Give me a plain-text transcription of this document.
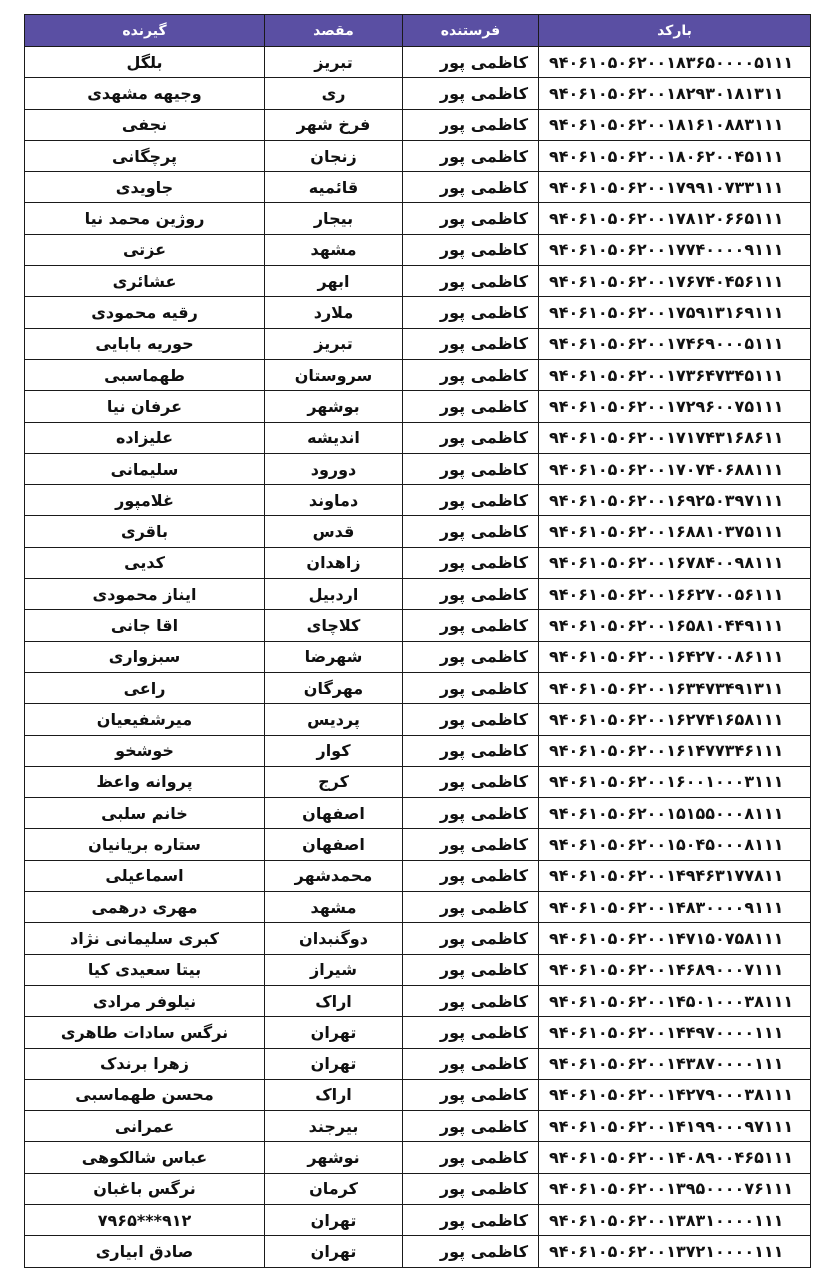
بارکد	فرستنده	مقصد	گیرنده
۹۴۰۶۱۰۵۰۶۲۰۰۱۸۳۶۵۰۰۰۰۵۱۱۱	کاظمی پور	تبریز	بلگل
۹۴۰۶۱۰۵۰۶۲۰۰۱۸۲۹۳۰۱۸۱۳۱۱	کاظمی پور	ری	وجیهه مشهدی
۹۴۰۶۱۰۵۰۶۲۰۰۱۸۱۶۱۰۸۸۳۱۱۱	کاظمی پور	فرخ شهر	نجفی
۹۴۰۶۱۰۵۰۶۲۰۰۱۸۰۶۲۰۰۴۵۱۱۱	کاظمی پور	زنجان	پرچگانی
۹۴۰۶۱۰۵۰۶۲۰۰۱۷۹۹۱۰۷۳۳۱۱۱	کاظمی پور	قائمیه	جاویدی
۹۴۰۶۱۰۵۰۶۲۰۰۱۷۸۱۲۰۶۶۵۱۱۱	کاظمی پور	بیجار	روژین محمد نیا
۹۴۰۶۱۰۵۰۶۲۰۰۱۷۷۴۰۰۰۰۹۱۱۱	کاظمی پور	مشهد	عزتی
۹۴۰۶۱۰۵۰۶۲۰۰۱۷۶۷۴۰۴۵۶۱۱۱	کاظمی پور	ابهر	عشائری
۹۴۰۶۱۰۵۰۶۲۰۰۱۷۵۹۱۳۱۶۹۱۱۱	کاظمی پور	ملارد	رقیه محمودی
۹۴۰۶۱۰۵۰۶۲۰۰۱۷۴۶۹۰۰۰۵۱۱۱	کاظمی پور	تبریز	حوریه بابایی
۹۴۰۶۱۰۵۰۶۲۰۰۱۷۳۶۴۷۳۴۵۱۱۱	کاظمی پور	سروستان	طهماسبی
۹۴۰۶۱۰۵۰۶۲۰۰۱۷۲۹۶۰۰۷۵۱۱۱	کاظمی پور	بوشهر	عرفان نیا
۹۴۰۶۱۰۵۰۶۲۰۰۱۷۱۷۴۳۱۶۸۶۱۱	کاظمی پور	اندیشه	علیزاده
۹۴۰۶۱۰۵۰۶۲۰۰۱۷۰۷۴۰۶۸۸۱۱۱	کاظمی پور	دورود	سلیمانی
۹۴۰۶۱۰۵۰۶۲۰۰۱۶۹۲۵۰۳۹۷۱۱۱	کاظمی پور	دماوند	غلامپور
۹۴۰۶۱۰۵۰۶۲۰۰۱۶۸۸۱۰۳۷۵۱۱۱	کاظمی پور	قدس	باقری
۹۴۰۶۱۰۵۰۶۲۰۰۱۶۷۸۴۰۰۹۸۱۱۱	کاظمی پور	زاهدان	کدیی
۹۴۰۶۱۰۵۰۶۲۰۰۱۶۶۲۷۰۰۵۶۱۱۱	کاظمی پور	اردبیل	ایناز محمودی
۹۴۰۶۱۰۵۰۶۲۰۰۱۶۵۸۱۰۴۴۹۱۱۱	کاظمی پور	کلاچای	اقا جانی
۹۴۰۶۱۰۵۰۶۲۰۰۱۶۴۲۷۰۰۸۶۱۱۱	کاظمی پور	شهرضا	سبزواری
۹۴۰۶۱۰۵۰۶۲۰۰۱۶۳۴۷۳۴۹۱۳۱۱	کاظمی پور	مهرگان	راعی
۹۴۰۶۱۰۵۰۶۲۰۰۱۶۲۷۴۱۶۵۸۱۱۱	کاظمی پور	پردیس	میرشفیعیان
۹۴۰۶۱۰۵۰۶۲۰۰۱۶۱۴۷۷۳۴۶۱۱۱	کاظمی پور	کوار	خوشخو
۹۴۰۶۱۰۵۰۶۲۰۰۱۶۰۰۱۰۰۰۳۱۱۱	کاظمی پور	کرج	پروانه واعظ
۹۴۰۶۱۰۵۰۶۲۰۰۱۵۱۵۵۰۰۰۸۱۱۱	کاظمی پور	اصفهان	خانم سلبی
۹۴۰۶۱۰۵۰۶۲۰۰۱۵۰۴۵۰۰۰۸۱۱۱	کاظمی پور	اصفهان	ستاره بریانیان
۹۴۰۶۱۰۵۰۶۲۰۰۱۴۹۴۶۳۱۷۷۸۱۱	کاظمی پور	محمدشهر	اسماعیلی
۹۴۰۶۱۰۵۰۶۲۰۰۱۴۸۳۰۰۰۰۹۱۱۱	کاظمی پور	مشهد	مهری درهمی
۹۴۰۶۱۰۵۰۶۲۰۰۱۴۷۱۵۰۷۵۸۱۱۱	کاظمی پور	دوگنبدان	کبری سلیمانی نژاد
۹۴۰۶۱۰۵۰۶۲۰۰۱۴۶۸۹۰۰۰۷۱۱۱	کاظمی پور	شیراز	بیتا سعیدی کیا
۹۴۰۶۱۰۵۰۶۲۰۰۱۴۵۰۱۰۰۰۳۸۱۱۱	کاظمی پور	اراک	نیلوفر مرادی
۹۴۰۶۱۰۵۰۶۲۰۰۱۴۴۹۷۰۰۰۰۱۱۱	کاظمی پور	تهران	نرگس سادات طاهری
۹۴۰۶۱۰۵۰۶۲۰۰۱۴۳۸۷۰۰۰۰۱۱۱	کاظمی پور	تهران	زهرا برندک
۹۴۰۶۱۰۵۰۶۲۰۰۱۴۲۷۹۰۰۰۳۸۱۱۱	کاظمی پور	اراک	محسن طهماسبی
۹۴۰۶۱۰۵۰۶۲۰۰۱۴۱۹۹۰۰۰۹۷۱۱۱	کاظمی پور	بیرجند	عمرانی
۹۴۰۶۱۰۵۰۶۲۰۰۱۴۰۸۹۰۰۴۶۵۱۱۱	کاظمی پور	نوشهر	عباس شالکوهی
۹۴۰۶۱۰۵۰۶۲۰۰۱۳۹۵۰۰۰۰۷۶۱۱۱	کاظمی پور	کرمان	نرگس باغبان
۹۴۰۶۱۰۵۰۶۲۰۰۱۳۸۳۱۰۰۰۰۱۱۱	کاظمی پور	تهران	۹۱۲***۷۹۶۵
۹۴۰۶۱۰۵۰۶۲۰۰۱۳۷۲۱۰۰۰۰۱۱۱	کاظمی پور	تهران	صادق ابیاری
